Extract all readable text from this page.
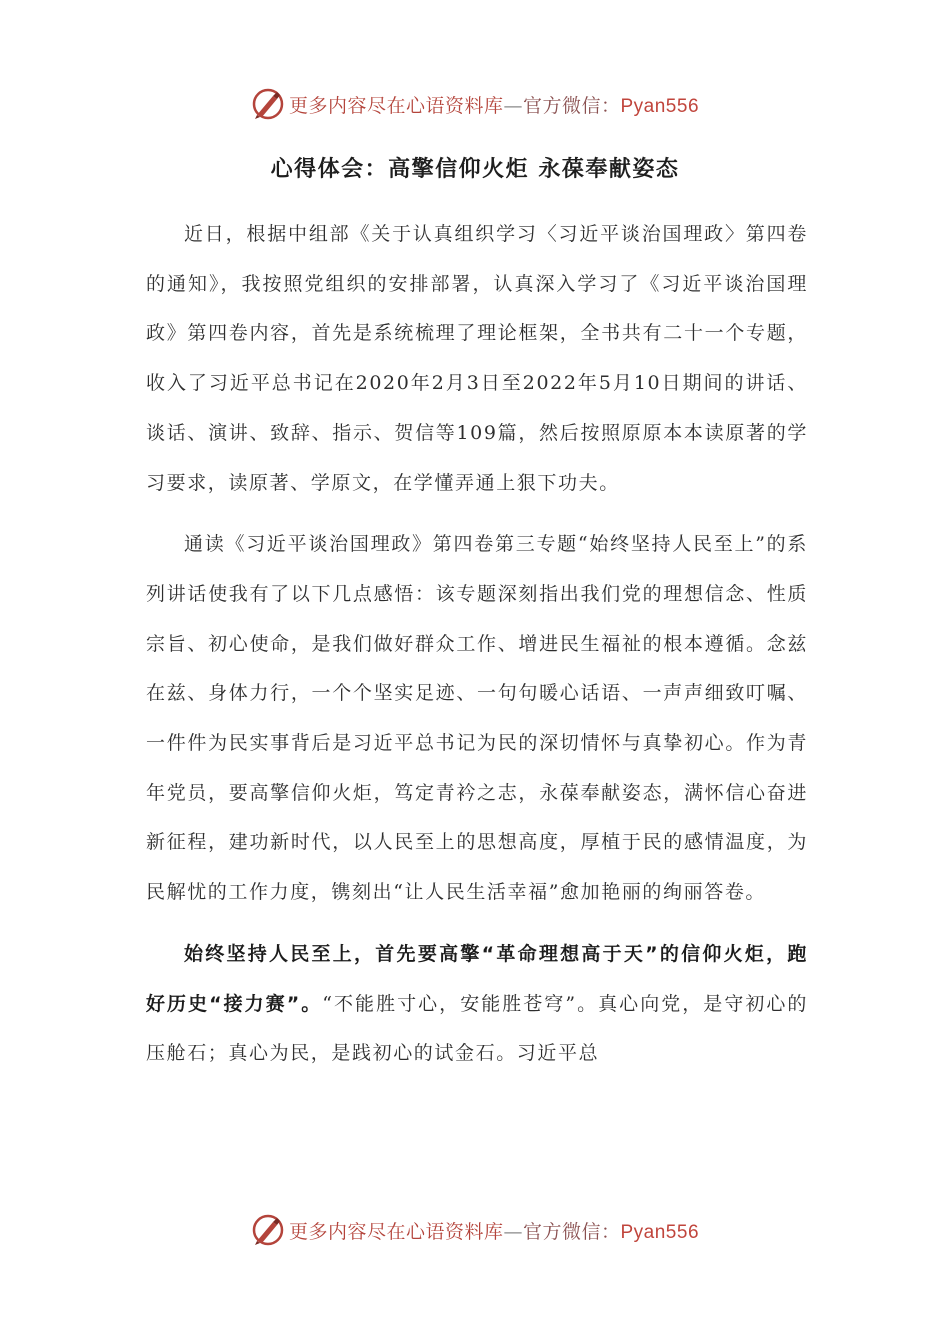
更多内容尽在心语资料库—官方微信：Pyan556
心得体会：高擎信仰火炬 永葆奉献姿态

近日，根据中组部《关于认真组织学习〈习近平谈治国理政〉第四卷的通知》，我按照党组织的安排部署，认真深入学习了《习近平谈治国理政》第四卷内容，首先是系统梳理了理论框架，全书共有二十一个专题，收入了习近平总书记在2020年2月3日至2022年5月10日期间的讲话、谈话、演讲、致辞、指示、贺信等109篇，然后按照原原本本读原著的学习要求，读原著、学原文，在学懂弄通上狠下功夫。

通读《习近平谈治国理政》第四卷第三专题“始终坚持人民至上”的系列讲话使我有了以下几点感悟：该专题深刻指出我们党的理想信念、性质宗旨、初心使命，是我们做好群众工作、增进民生福祉的根本遵循。念兹在兹、身体力行，一个个坚实足迹、一句句暖心话语、一声声细致叮嘱、一件件为民实事背后是习近平总书记为民的深切情怀与真挚初心。作为青年党员，要高擎信仰火炬，笃定青衿之志，永葆奉献姿态，满怀信心奋进新征程，建功新时代，以人民至上的思想高度，厚植于民的感情温度，为民解忧的工作力度，镌刻出“让人民生活幸福”愈加艳丽的绚丽答卷。

始终坚持人民至上，首先要高擎“革命理想高于天”的信仰火炬，跑好历史“接力赛”。“不能胜寸心，安能胜苍穹”。真心向党，是守初心的压舱石；真心为民，是践初心的试金石。习近平总

更多内容尽在心语资料库—官方微信：Pyan556
